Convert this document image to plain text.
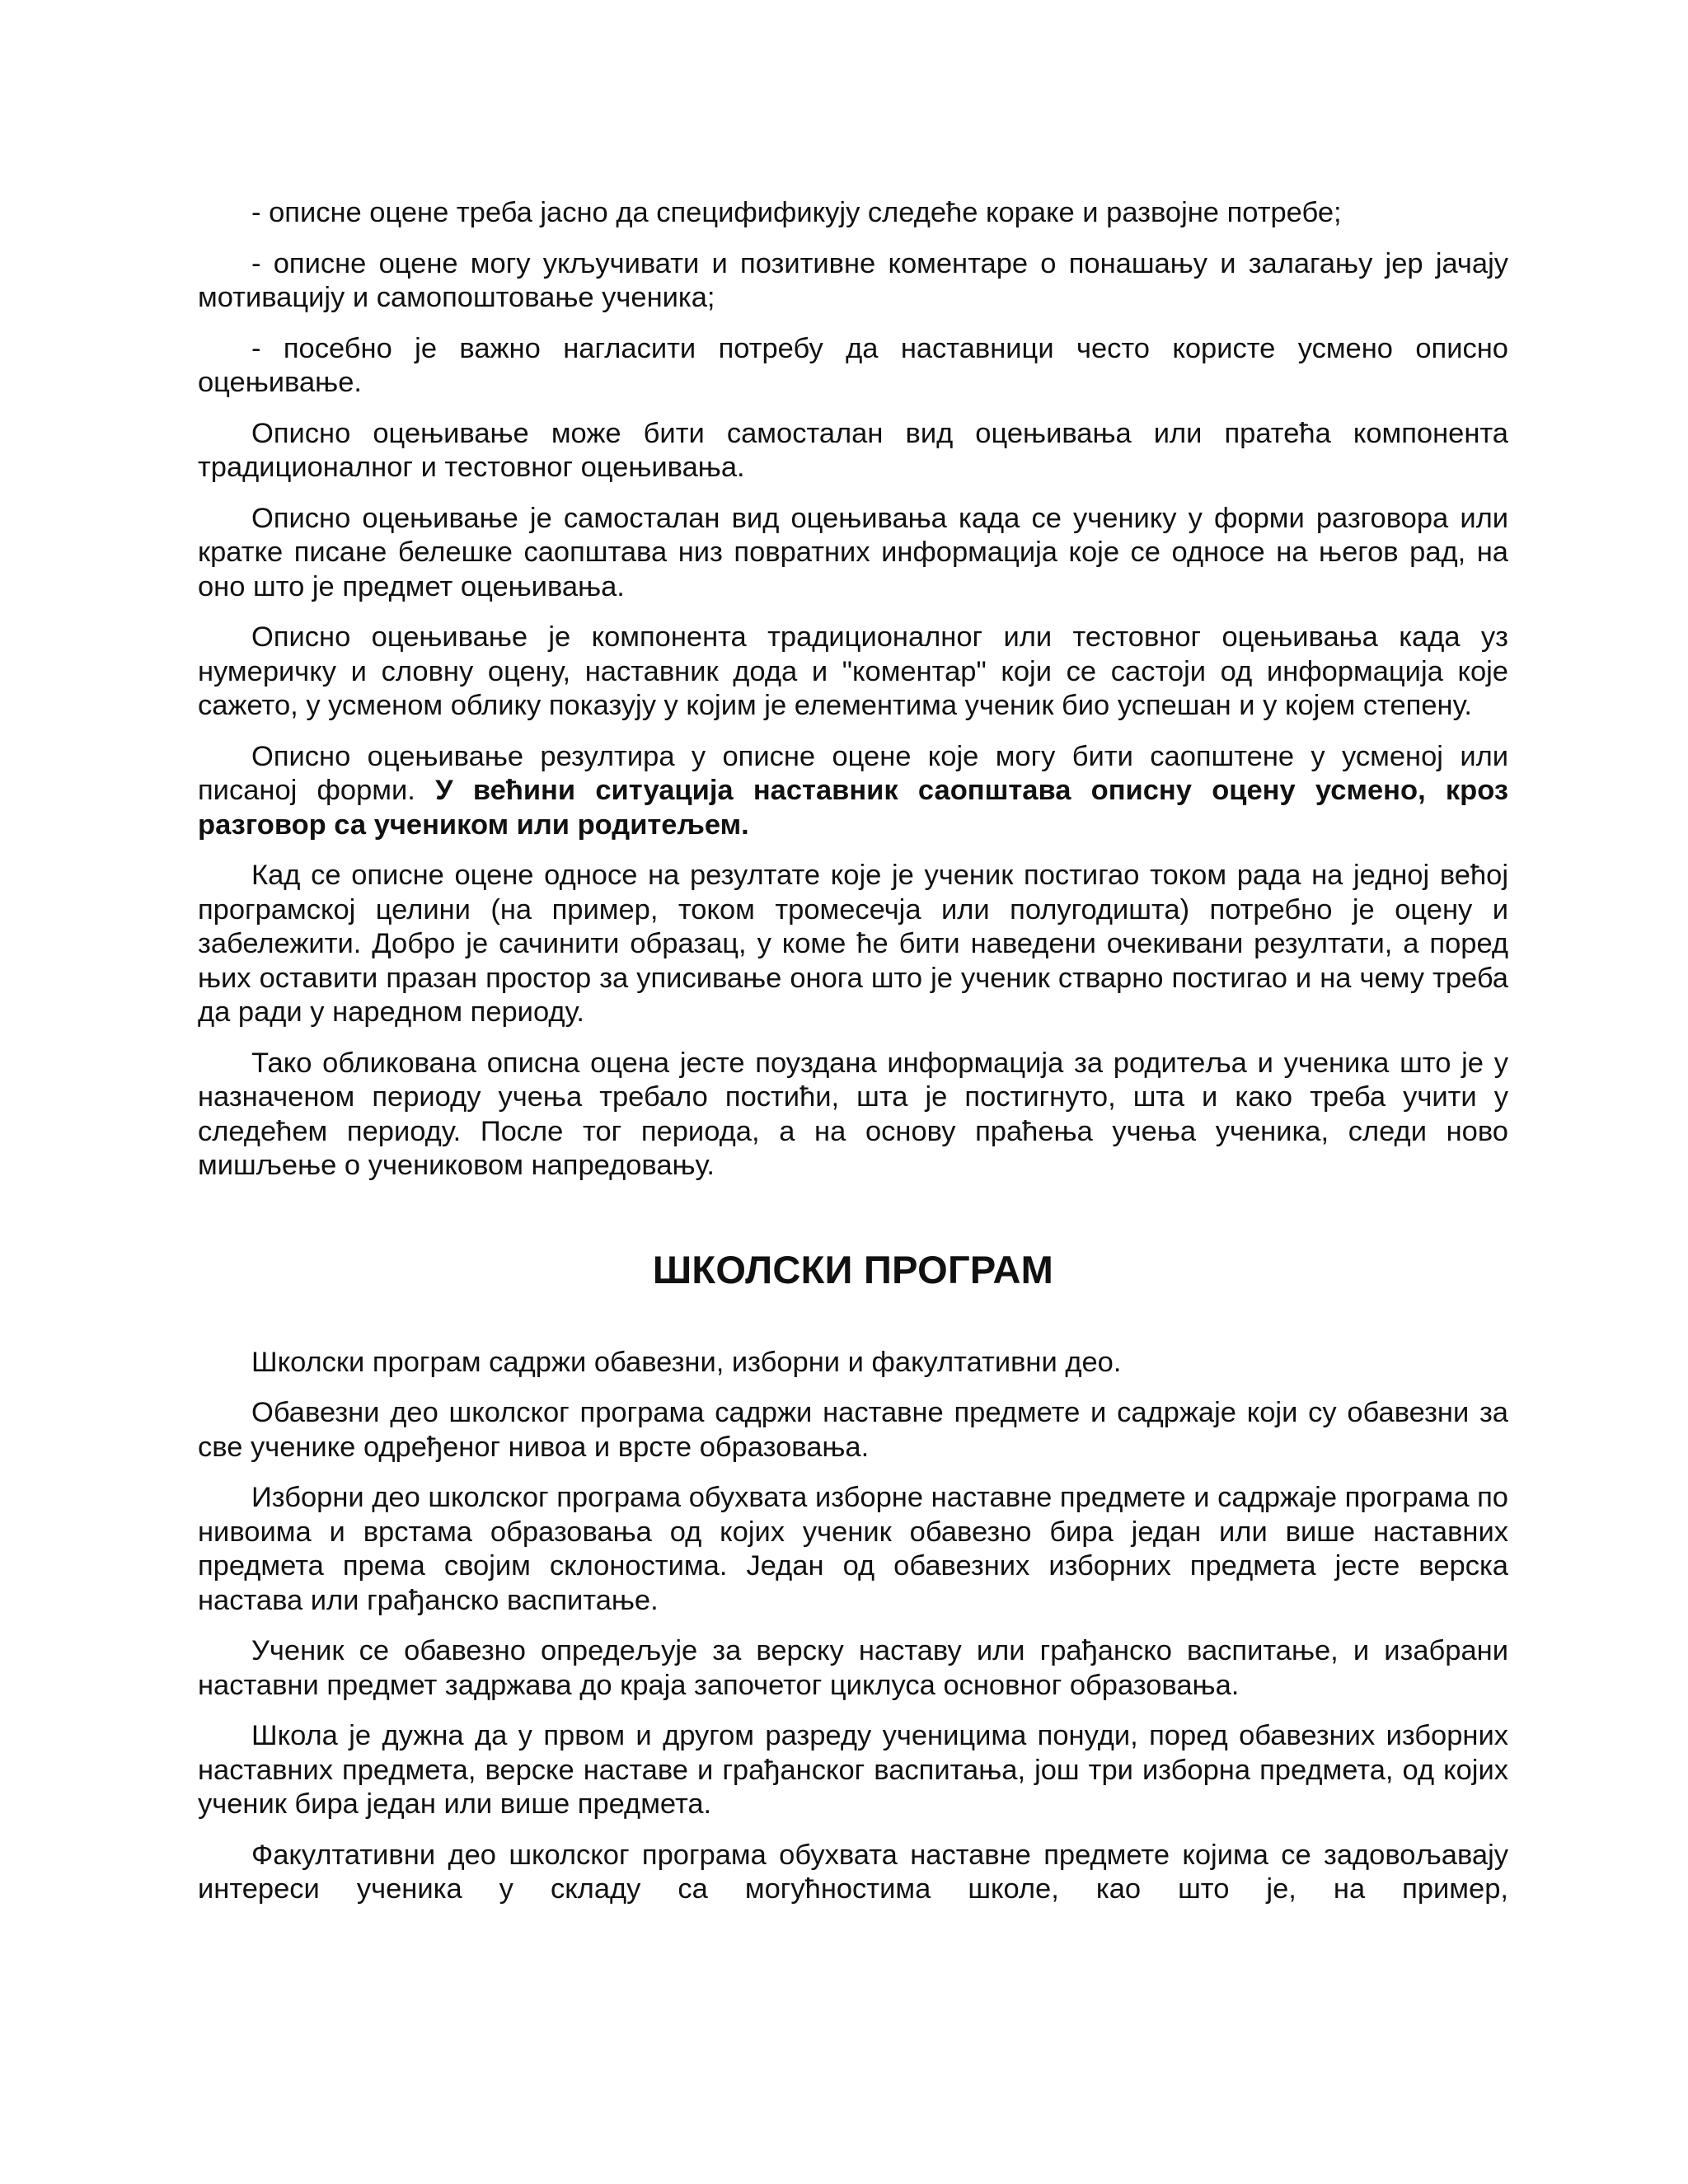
- описне оцене треба јасно да специфификују следеће кораке и развојне потребе;

- описне оцене могу укључивати и позитивне коментаре о понашању и залагању јер јачају мотивацију и самопоштовање ученика;

- посебно је важно нагласити потребу да наставници често користе усмено описно оцењивање.

Описно оцењивање може бити самосталан вид оцењивања или пратећа компонента традиционалног и тестовног оцењивања.

Описно оцењивање је самосталан вид оцењивања када се ученику у форми разговора или кратке писане белешке саопштава низ повратних информација које се односе на његов рад, на оно што је предмет оцењивања.

Описно оцењивање је компонента традиционалног или тестовног оцењивања када уз нумеричку и словну оцену, наставник дода и "коментар" који се састоји од информација које сажето, у усменом облику показују у којим је елементима ученик био успешан и у којем степену.

Описно оцењивање резултира у описне оцене које могу бити саопштене у усменој или писаној форми. У већини ситуација наставник саопштава описну оцену усмено, кроз разговор са учеником или родитељем.

Кад се описне оцене односе на резултате које је ученик постигао током рада на једној већој програмској целини (на пример, током тромесечја или полугодишта) потребно је оцену и забележити. Добро је сачинити образац, у коме ће бити наведени очекивани резултати, а поред њих оставити празан простор за уписивање онога што је ученик стварно постигао и на чему треба да ради у наредном периоду.

Тако обликована описна оцена јесте поуздана информација за родитеља и ученика што је у назначеном периоду учења требало постићи, шта је постигнуто, шта и како треба учити у следећем периоду. После тог периода, а на основу праћења учења ученика, следи ново мишљење о учениковом напредовању.

ШКОЛСКИ ПРОГРАМ

Школски програм садржи обавезни, изборни и факултативни део.

Обавезни део школског програма садржи наставне предмете и садржаје који су обавезни за све ученике одређеног нивоа и врсте образовања.

Изборни део школског програма обухвата изборне наставне предмете и садржаје програма по нивоима и врстама образовања од којих ученик обавезно бира један или више наставних предмета према својим склоностима. Један од обавезних изборних предмета јесте верска настава или грађанско васпитање.

Ученик се обавезно опредељује за верску наставу или грађанско васпитање, и изабрани наставни предмет задржава до краја започетог циклуса основног образовања.

Школа је дужна да у првом и другом разреду ученицима понуди, поред обавезних изборних наставних предмета, верске наставе и грађанског васпитања, још три изборна предмета, од којих ученик бира један или више предмета.

Факултативни део школског програма обухвата наставне предмете којима се задовољавају интереси ученика у складу са могућностима школе, као што је, на пример,
